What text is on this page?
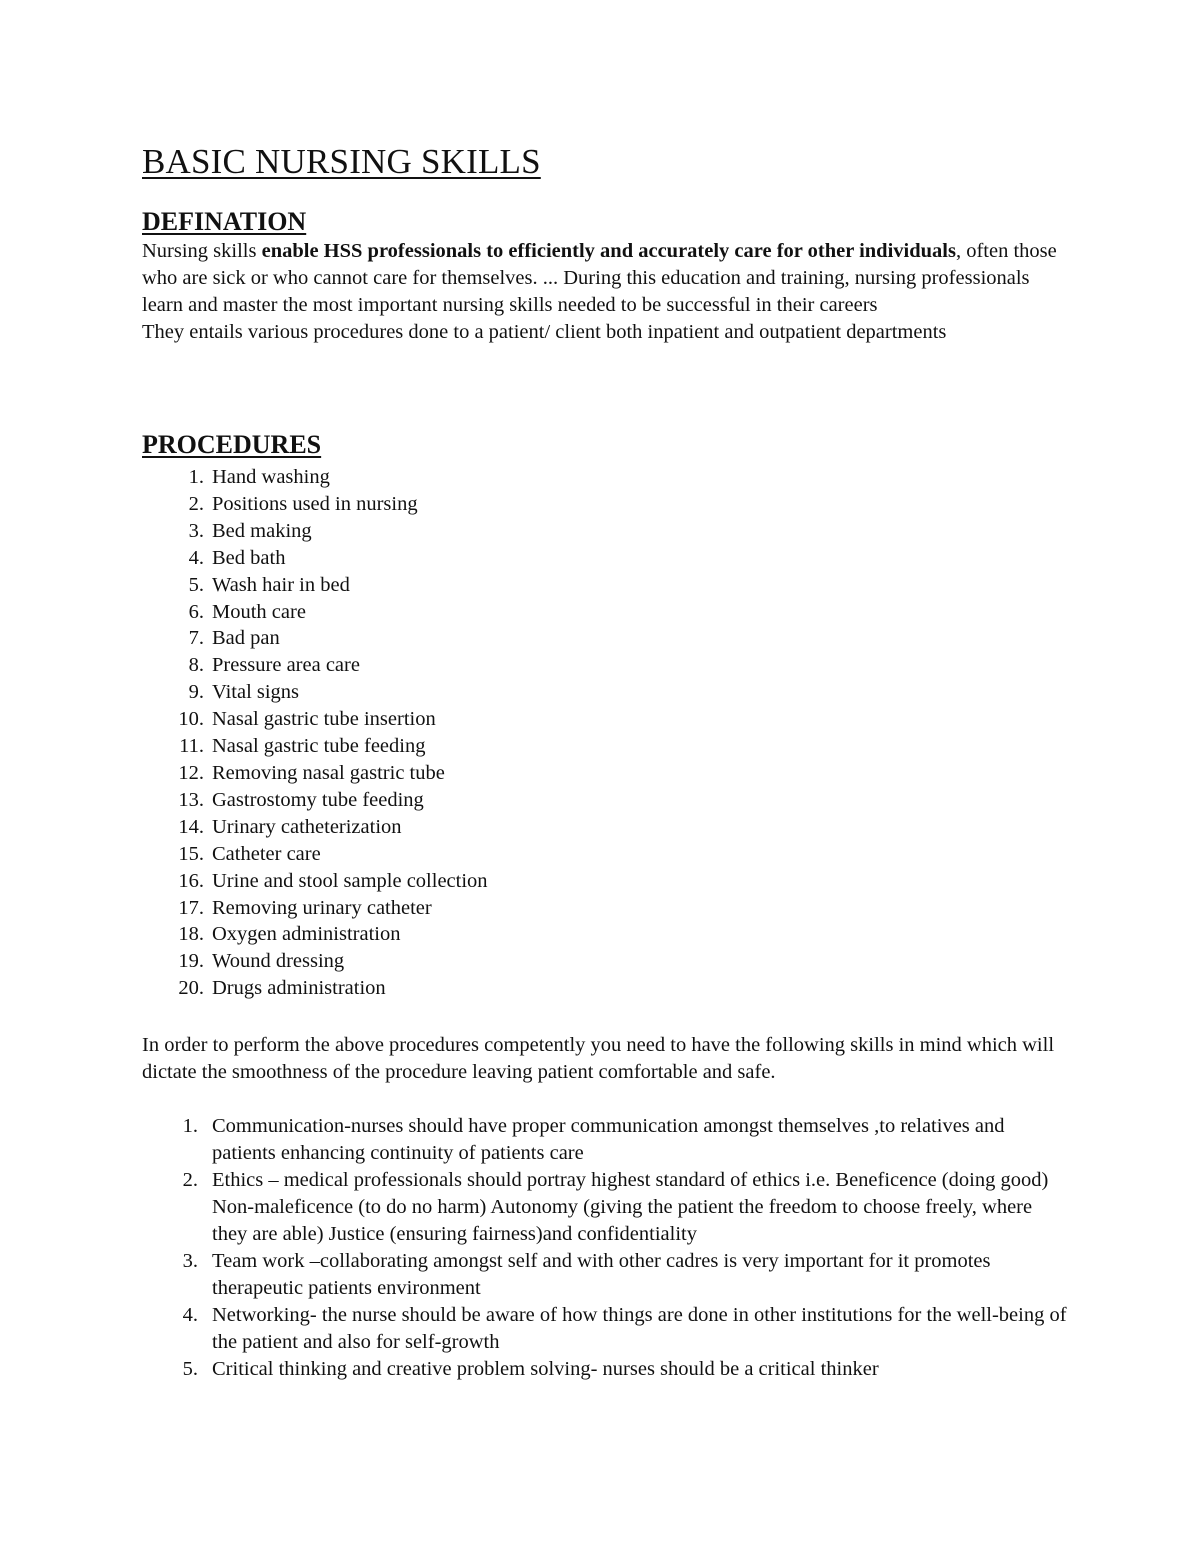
BASIC NURSING SKILLS
DEFINATION

Nursing skills enable HSS professionals to efficiently and accurately care for other individuals, often those who are sick or who cannot care for themselves. ... During this education and training, nursing professionals learn and master the most important nursing skills needed to be successful in their careers

They entails various procedures done to a patient/ client both inpatient and outpatient departments

PROCEDURES
1. Hand washing
2. Positions used in nursing
3. Bed making
4. Bed bath
5. Wash hair in bed
6. Mouth care
7. Bad pan
8. Pressure area care
9. Vital signs
10. Nasal gastric tube insertion
11. Nasal gastric tube feeding
12. Removing nasal gastric tube
13. Gastrostomy tube feeding
14. Urinary catheterization
15. Catheter care
16. Urine and stool sample collection
17. Removing urinary catheter
18. Oxygen administration
19. Wound dressing
20. Drugs administration

In order to perform the above procedures competently you need to have the following skills in mind which will dictate the smoothness of the procedure leaving patient comfortable and safe.

1. Communication-nurses should have proper communication amongst themselves ,to relatives and patients enhancing continuity of patients care
2. Ethics – medical professionals should portray highest standard of ethics i.e. Beneficence (doing good) Non-maleficence (to do no harm) Autonomy (giving the patient the freedom to choose freely, where they are able) Justice (ensuring fairness)and confidentiality
3. Team work –collaborating amongst self and with other cadres is very important for it promotes therapeutic patients environment
4. Networking- the nurse should be aware of how things are done in other institutions for the well-being of the patient and also for self-growth
5. Critical thinking and creative problem solving- nurses should be a critical thinker
